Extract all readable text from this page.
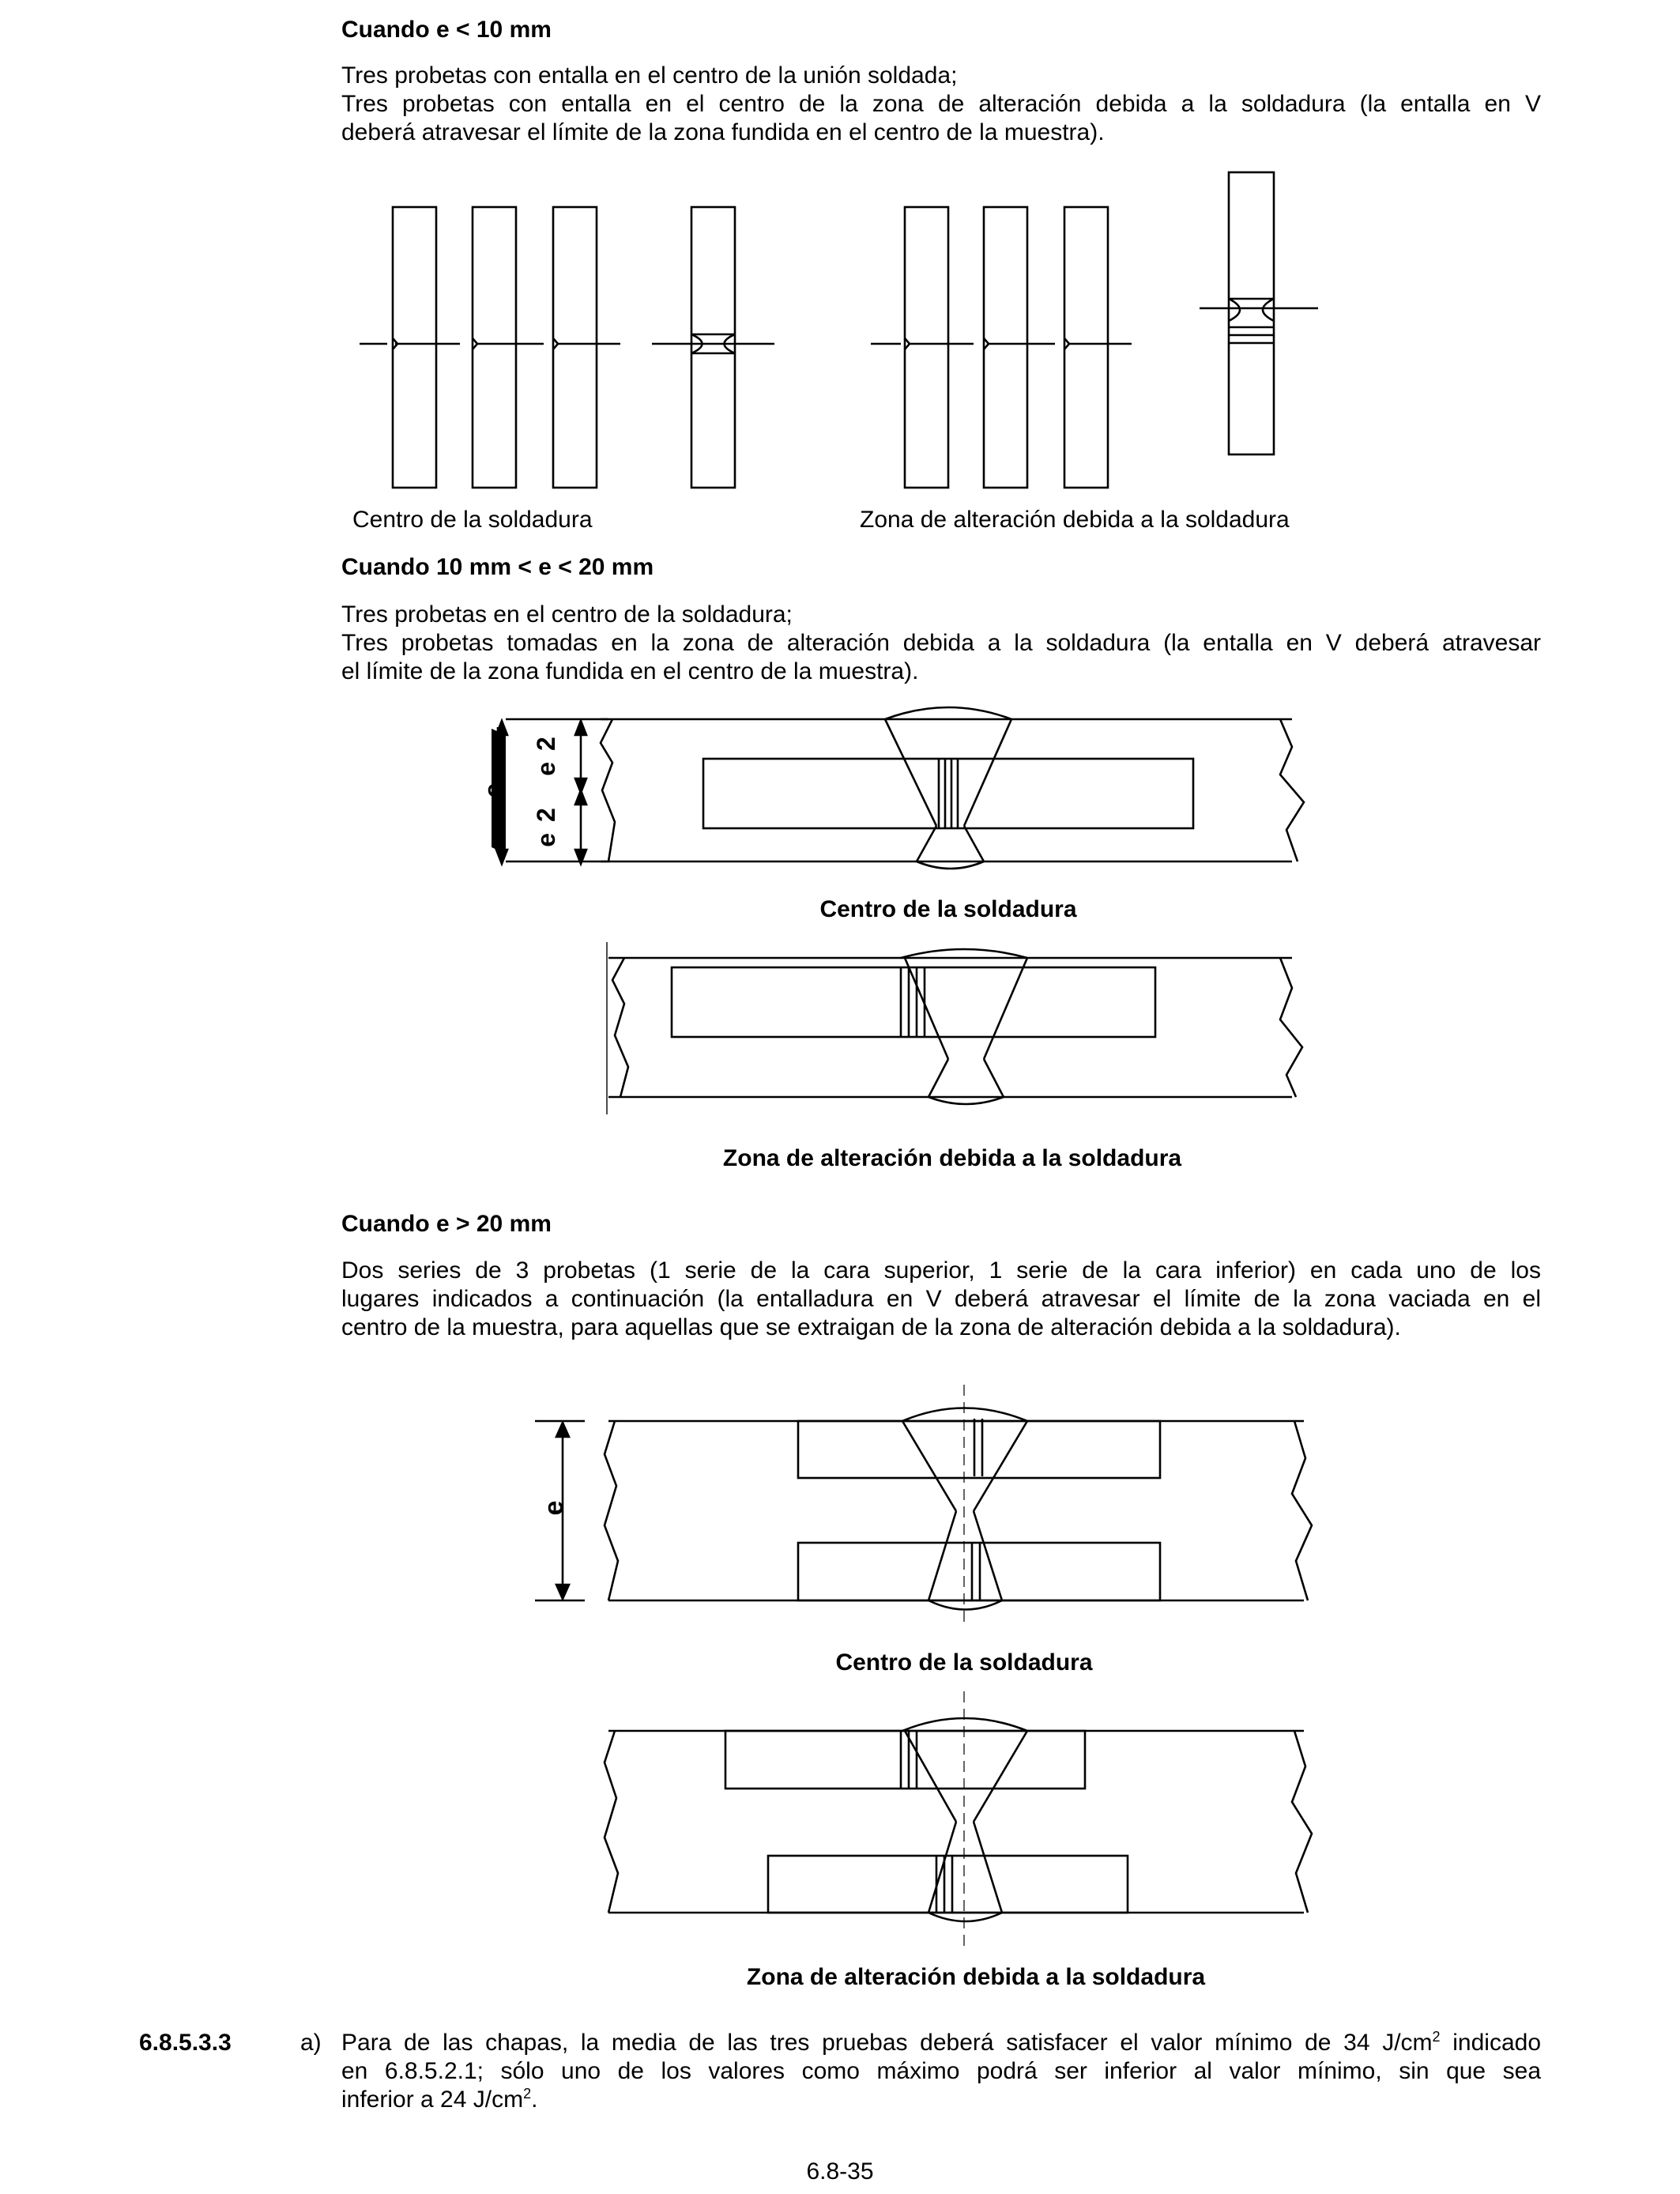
Cuando e < 10 mm
Tres probetas con entalla en el centro de la unión soldada;
Tres probetas con entalla en el centro de la zona de alteración debida a la soldadura (la entalla en V
deberá atravesar el límite de la zona fundida en el centro de la muestra).
Centro de la soldadura	Zona de alteración debida a la soldadura
Cuando 10 mm < e < 20 mm
Tres probetas en el centro de la soldadura;
Tres probetas tomadas en la zona de alteración debida a la soldadura (la entalla en V deberá atravesar
el límite de la zona fundida en el centro de la muestra).
e
e2
e2
Centro de la soldadura
Zona de alteración debida a la soldadura
Cuando e > 20 mm
Dos series de 3 probetas (1 serie de la cara superior, 1 serie de la cara inferior) en cada uno de los
lugares indicados a continuación (la entalladura en V deberá atravesar el límite de la zona vaciada en el
centro de la muestra, para aquellas que se extraigan de la zona de alteración debida a la soldadura).
e
Centro de la soldadura
Zona de alteración debida a la soldadura
6.8.5.3.3	a) Para de las chapas, la media de las tres pruebas deberá satisfacer el valor mínimo de 34 $J/cm^2$ indicado
en 6.8.5.2.1; sólo uno de los valores como máximo podrá ser inferior al valor mínimo, sin que sea
inferior a 24 $J/cm^2$.
6.8-35
